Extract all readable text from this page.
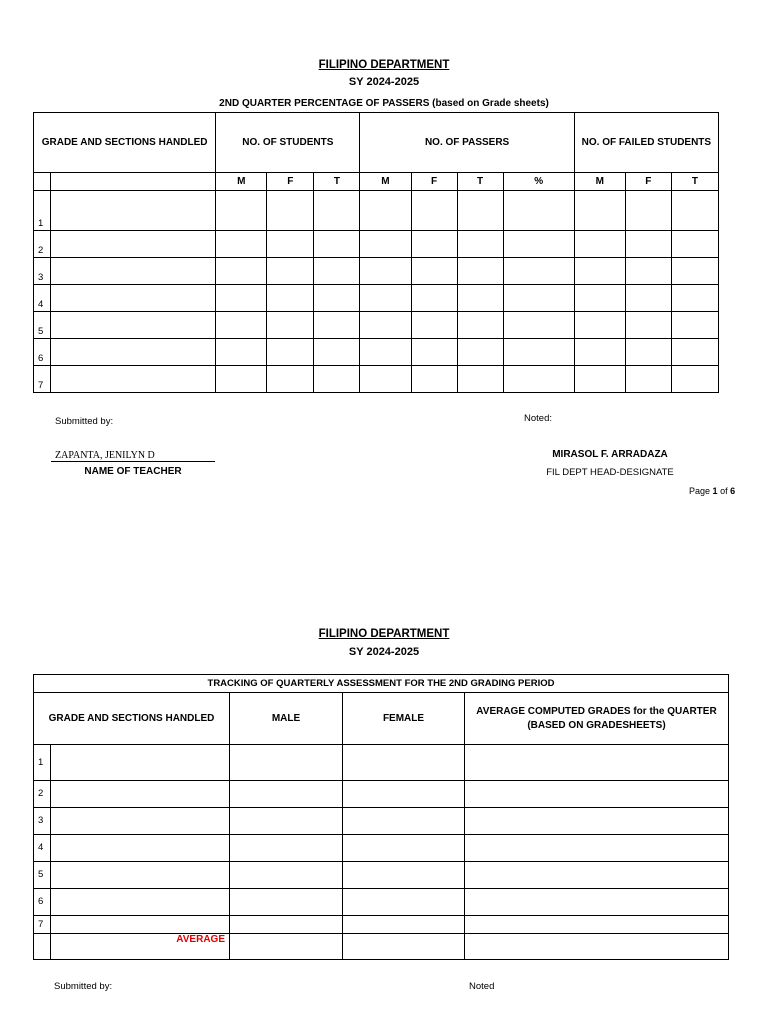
FILIPINO DEPARTMENT
SY 2024-2025
2ND QUARTER PERCENTAGE OF PASSERS (based on Grade sheets)
GRADE AND SECTIONS HANDLED		NO. OF STUDENTS			NO. OF PASSERS				NO. OF FAILED STUDENTS		
		M	F	T	M	F	T	%	M	F	T
1											
2											
3											
4											
5											
6											
7											
Submitted by:	Noted:
ZAPANTA, JENILYN D
NAME OF TEACHER
MIRASOL F. ARRADAZA
FIL DEPT HEAD-DESIGNATE
Page 1 of 6
FILIPINO DEPARTMENT
SY 2024-2025
TRACKING OF QUARTERLY ASSESSMENT FOR THE 2ND GRADING PERIOD				
GRADE AND SECTIONS HANDLED		MALE	FEMALE	AVERAGE COMPUTED GRADES for the QUARTER
(BASED ON GRADESHEETS)

1				
2				
3				
4				
5				
6				
7				
	AVERAGE			
Submitted by:	Noted
